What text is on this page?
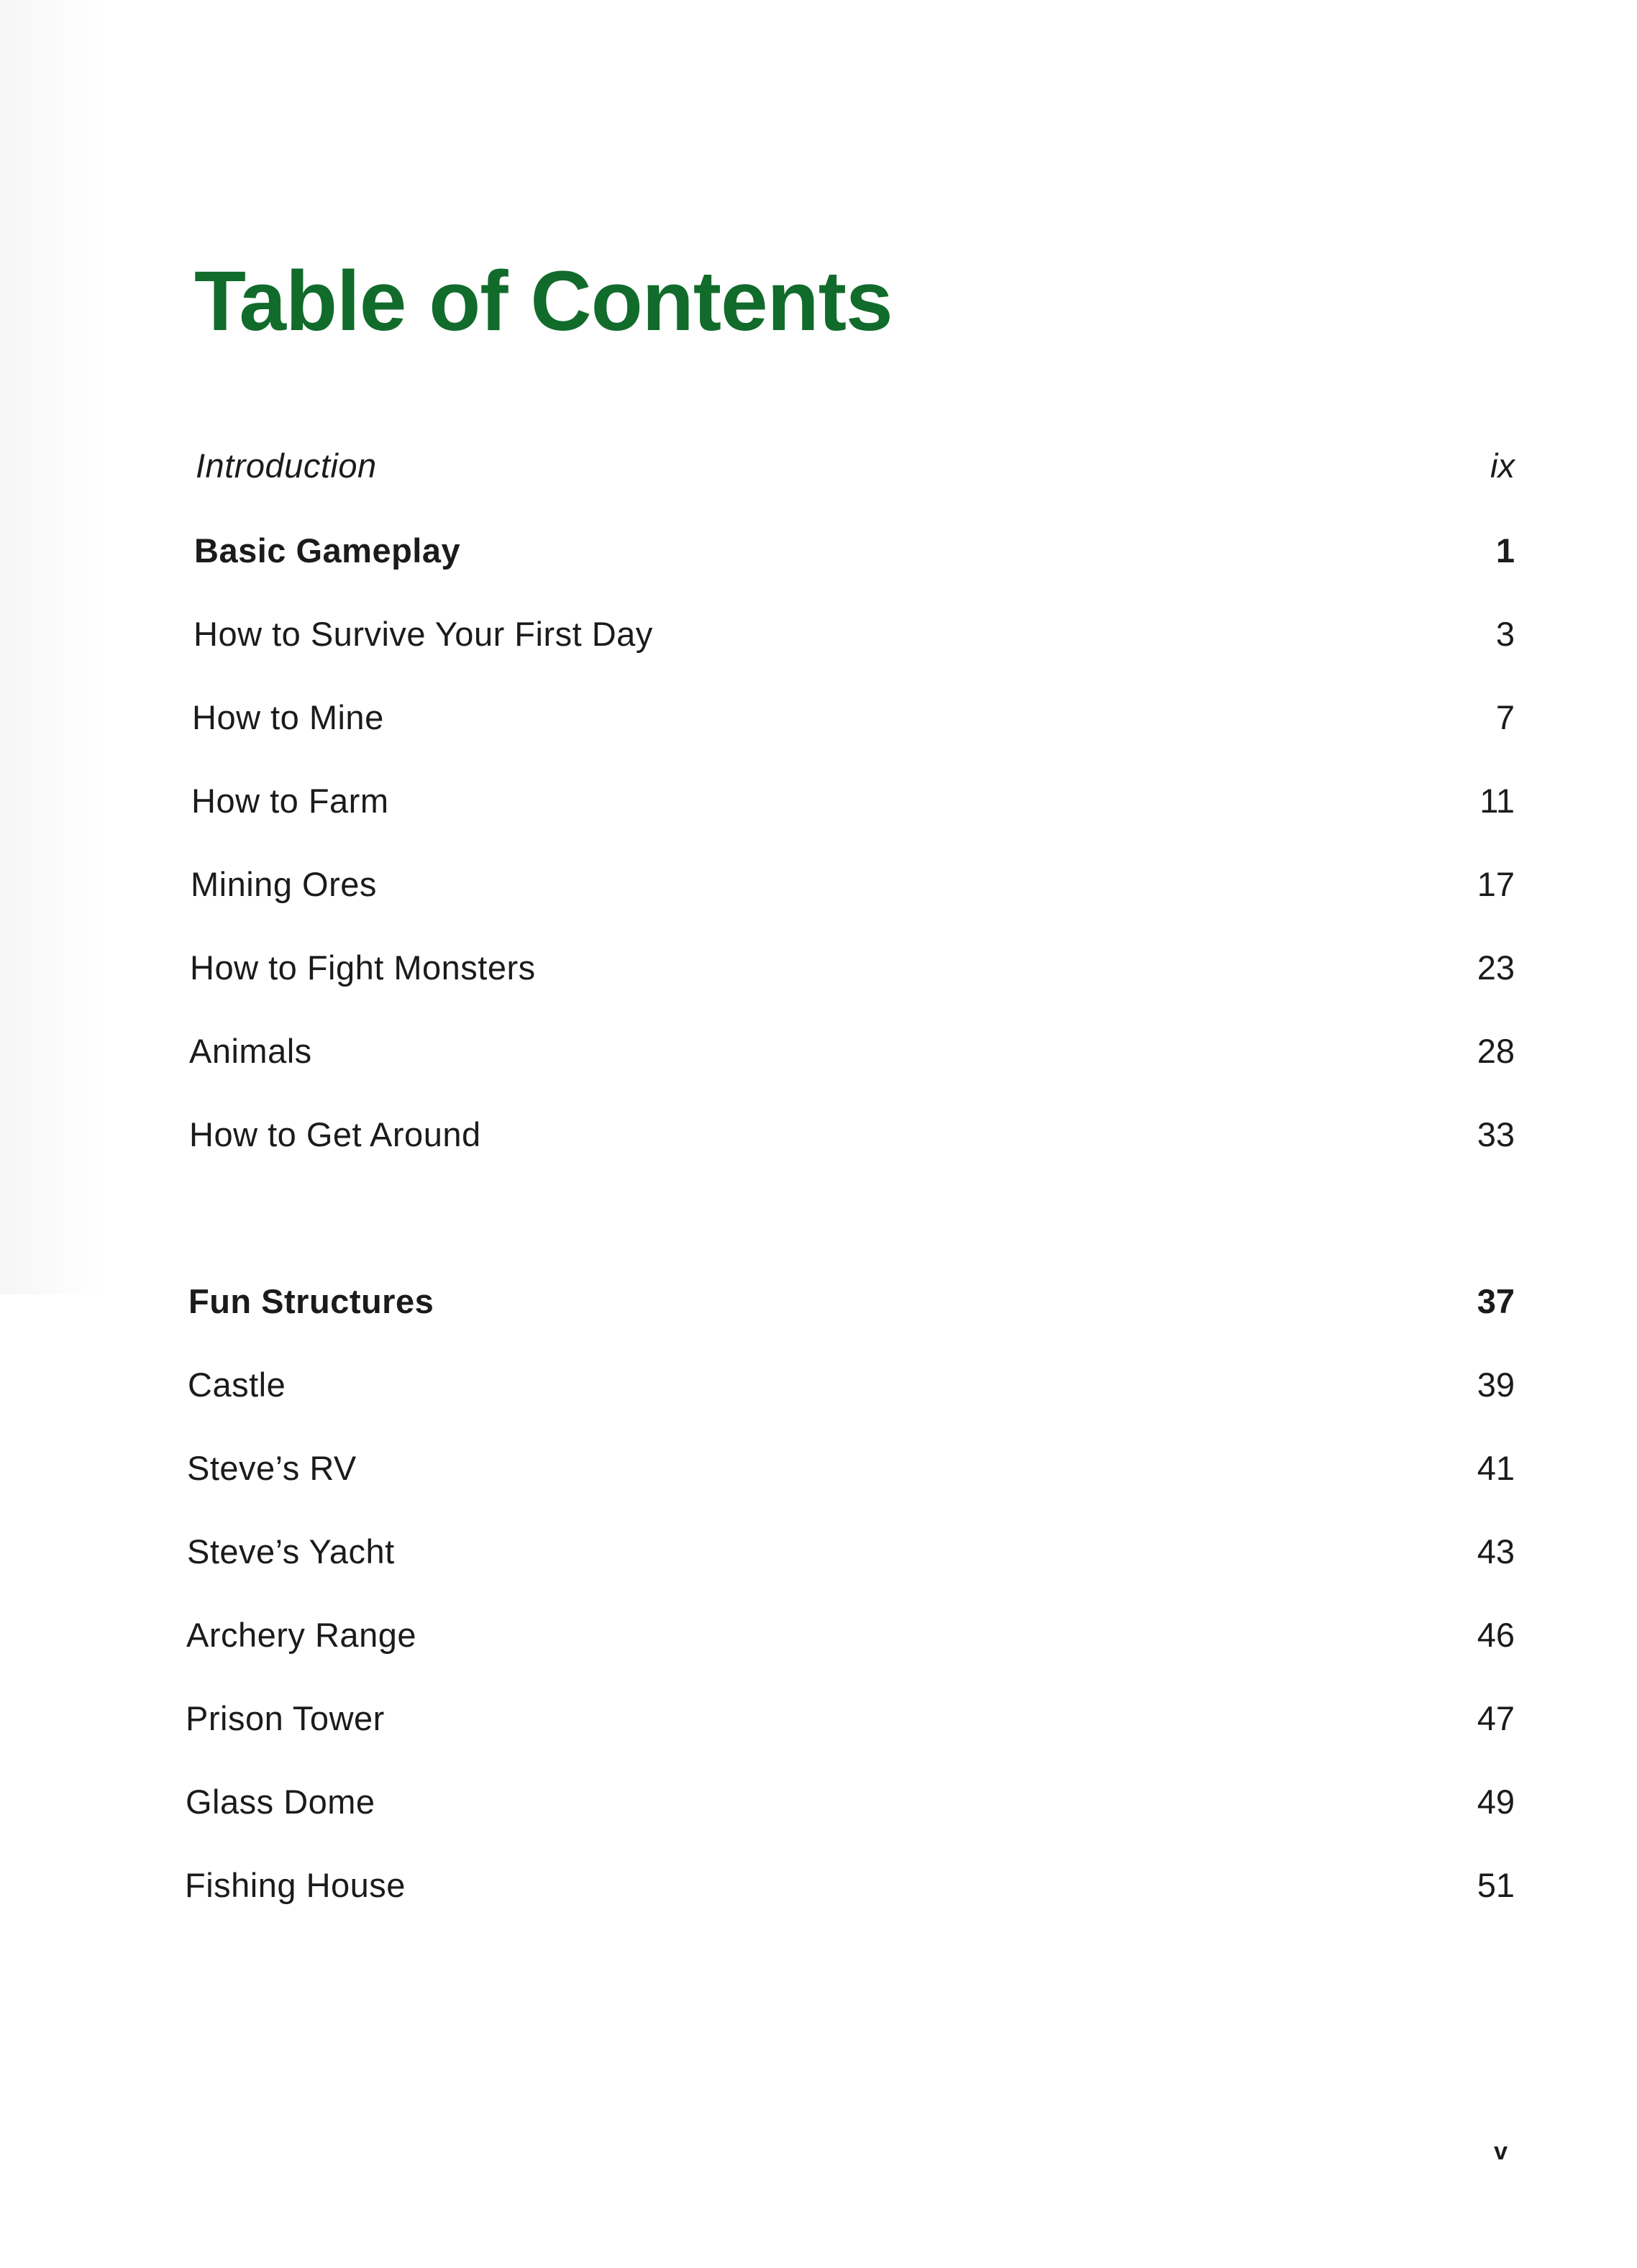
Table of Contents
Introduction	ix
Basic Gameplay	1
How to Survive Your First Day	3
How to Mine	7
How to Farm	11
Mining Ores	17
How to Fight Monsters	23
Animals	28
How to Get Around	33
Fun Structures	37
Castle	39
Steve’s RV	41
Steve’s Yacht	43
Archery Range	46
Prison Tower	47
Glass Dome	49
Fishing House	51
v
